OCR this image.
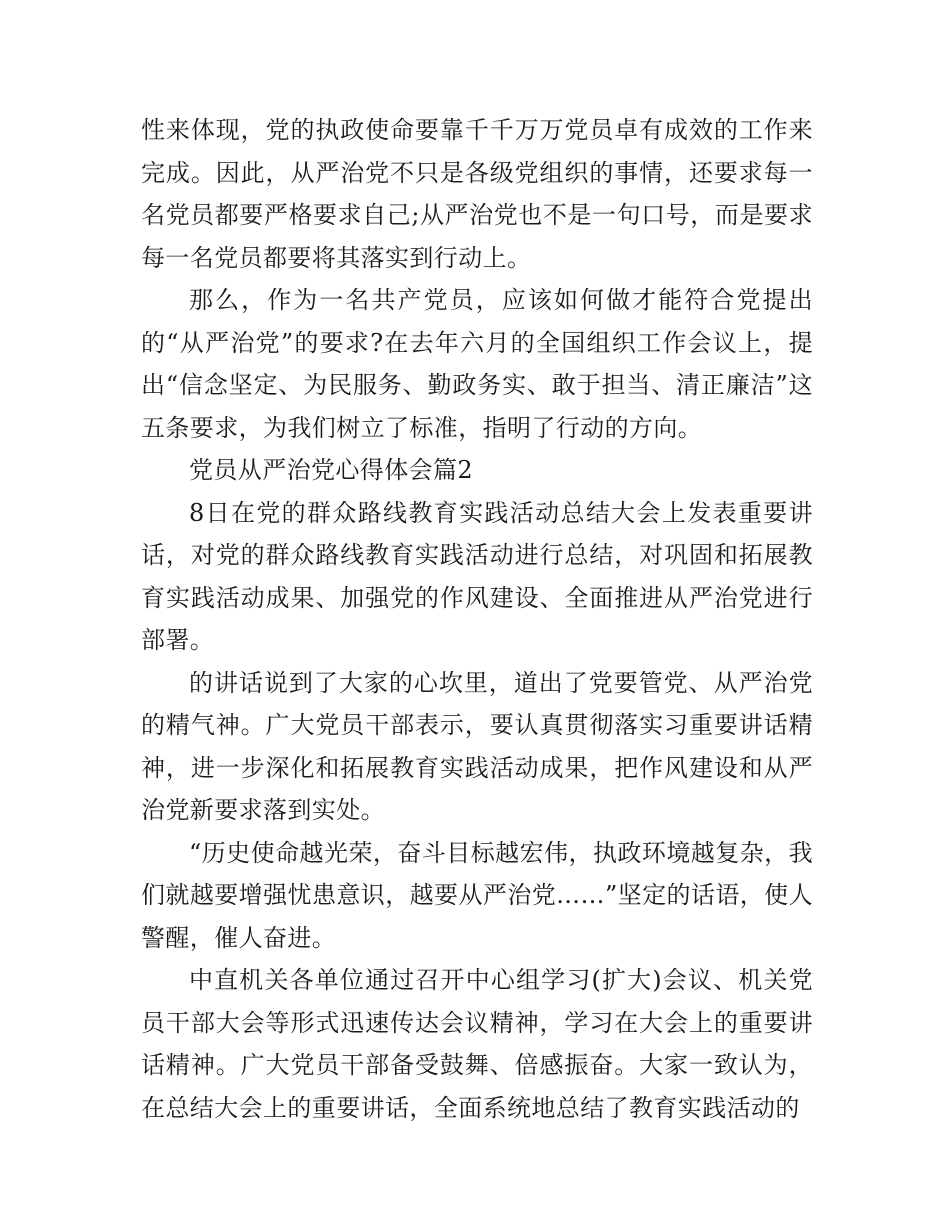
性来体现，党的执政使命要靠千千万万党员卓有成效的工作来完成。因此，从严治党不只是各级党组织的事情，还要求每一名党员都要严格要求自己;从严治党也不是一句口号，而是要求每一名党员都要将其落实到行动上。

那么，作为一名共产党员，应该如何做才能符合党提出的“从严治党”的要求?在去年六月的全国组织工作会议上，提出“信念坚定、为民服务、勤政务实、敢于担当、清正廉洁”这五条要求，为我们树立了标准，指明了行动的方向。

党员从严治党心得体会篇2

8日在党的群众路线教育实践活动总结大会上发表重要讲话，对党的群众路线教育实践活动进行总结，对巩固和拓展教育实践活动成果、加强党的作风建设、全面推进从严治党进行部署。

的讲话说到了大家的心坎里，道出了党要管党、从严治党的精气神。广大党员干部表示，要认真贯彻落实习重要讲话精神，进一步深化和拓展教育实践活动成果，把作风建设和从严治党新要求落到实处。

“历史使命越光荣，奋斗目标越宏伟，执政环境越复杂，我们就越要增强忧患意识，越要从严治党……”坚定的话语，使人警醒，催人奋进。

中直机关各单位通过召开中心组学习(扩大)会议、机关党员干部大会等形式迅速传达会议精神，学习在大会上的重要讲话精神。广大党员干部备受鼓舞、倍感振奋。大家一致认为，在总结大会上的重要讲话，全面系统地总结了教育实践活动的
